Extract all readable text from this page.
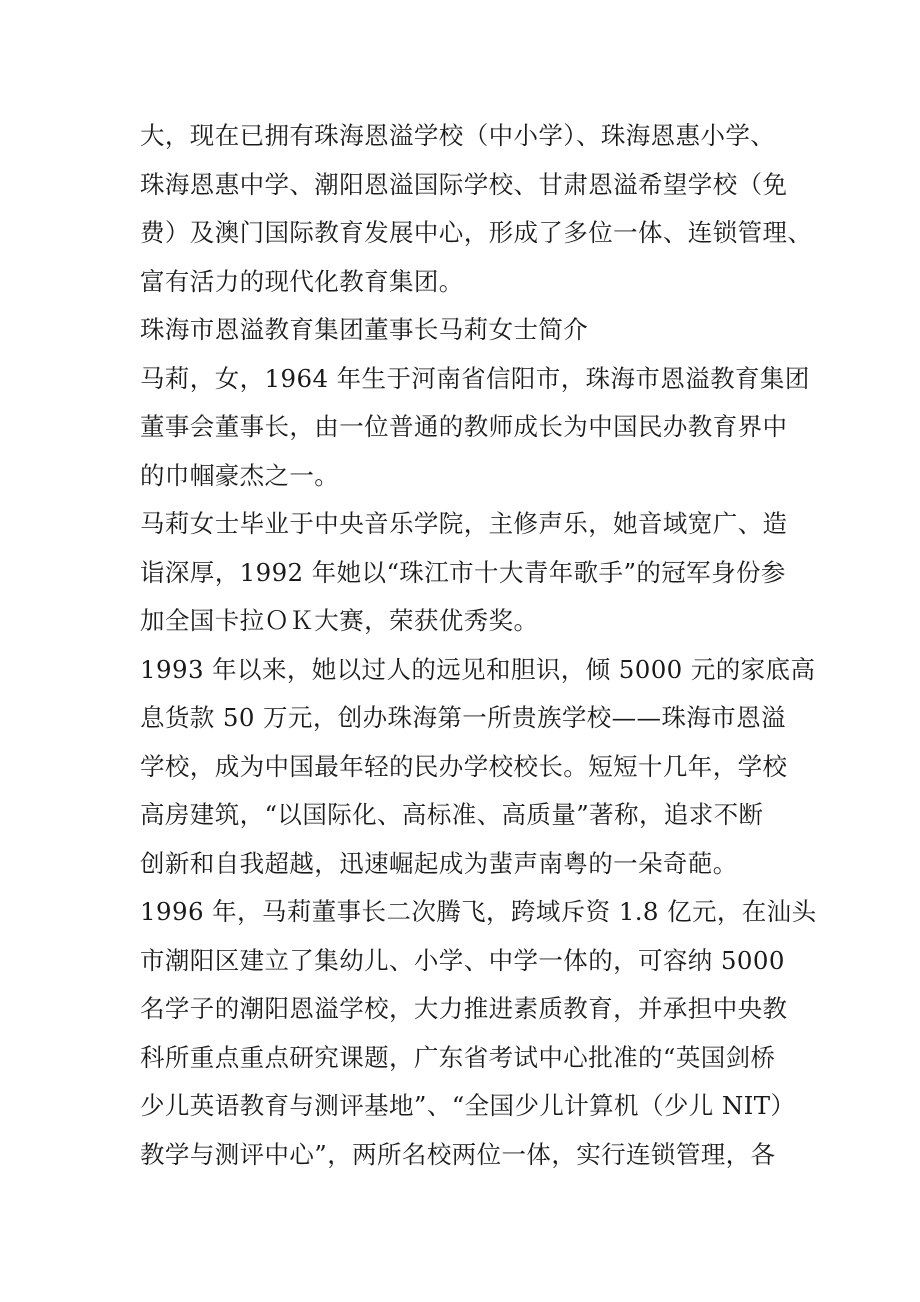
大，现在已拥有珠海恩溢学校（中小学）、珠海恩惠小学、
珠海恩惠中学、潮阳恩溢国际学校、甘肃恩溢希望学校（免
费）及澳门国际教育发展中心，形成了多位一体、连锁管理、
富有活力的现代化教育集团。

珠海市恩溢教育集团董事长马莉女士简介

马莉，女，1964 年生于河南省信阳市，珠海市恩溢教育集团
董事会董事长，由一位普通的教师成长为中国民办教育界中
的巾帼豪杰之一。

马莉女士毕业于中央音乐学院，主修声乐，她音域宽广、造
诣深厚，1992 年她以“珠江市十大青年歌手”的冠军身份参
加全国卡拉ＯＫ大赛，荣获优秀奖。

1993 年以来，她以过人的远见和胆识，倾 5000 元的家底高
息货款 50 万元，创办珠海第一所贵族学校——珠海市恩溢
学校，成为中国最年轻的民办学校校长。短短十几年，学校
高房建筑，“以国际化、高标准、高质量”著称，追求不断
创新和自我超越，迅速崛起成为蜚声南粤的一朵奇葩。

1996 年，马莉董事长二次腾飞，跨域斥资 1.8 亿元，在汕头
市潮阳区建立了集幼儿、小学、中学一体的，可容纳 5000
名学子的潮阳恩溢学校，大力推进素质教育，并承担中央教
科所重点重点研究课题，广东省考试中心批准的“英国剑桥
少儿英语教育与测评基地”、“全国少儿计算机（少儿 NIT）
教学与测评中心”，两所名校两位一体，实行连锁管理，各
